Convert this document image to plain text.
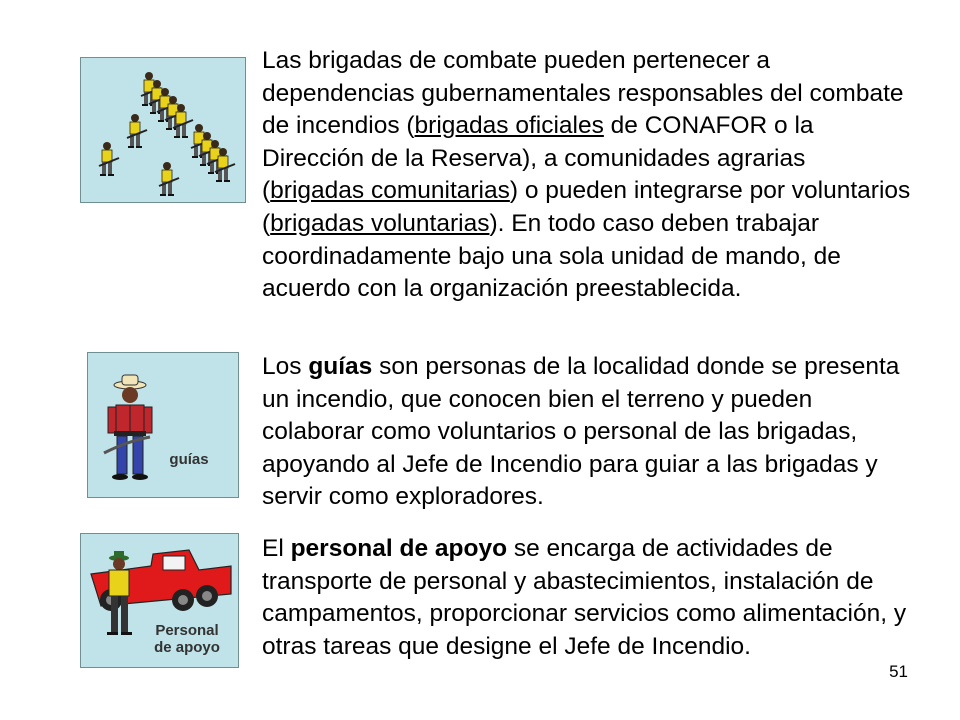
Las brigadas de combate pueden pertenecer a dependencias gubernamentales responsables del combate de incendios (brigadas oficiales de CONAFOR o la Dirección de la Reserva), a comunidades agrarias (brigadas comunitarias) o pueden integrarse por voluntarios (brigadas voluntarias). En todo caso deben trabajar coordinadamente bajo una sola unidad de mando, de acuerdo con la organización preestablecida.

guías

Los guías son personas de la localidad donde se presenta un incendio, que conocen bien el terreno y pueden colaborar como voluntarios o personal de las brigadas, apoyando al Jefe de Incendio para guiar a las brigadas y servir como exploradores.

Personal
de apoyo

El personal de apoyo se encarga de actividades de transporte de personal y abastecimientos, instalación de campamentos, proporcionar servicios como alimentación, y otras tareas que designe el Jefe de Incendio.

51
